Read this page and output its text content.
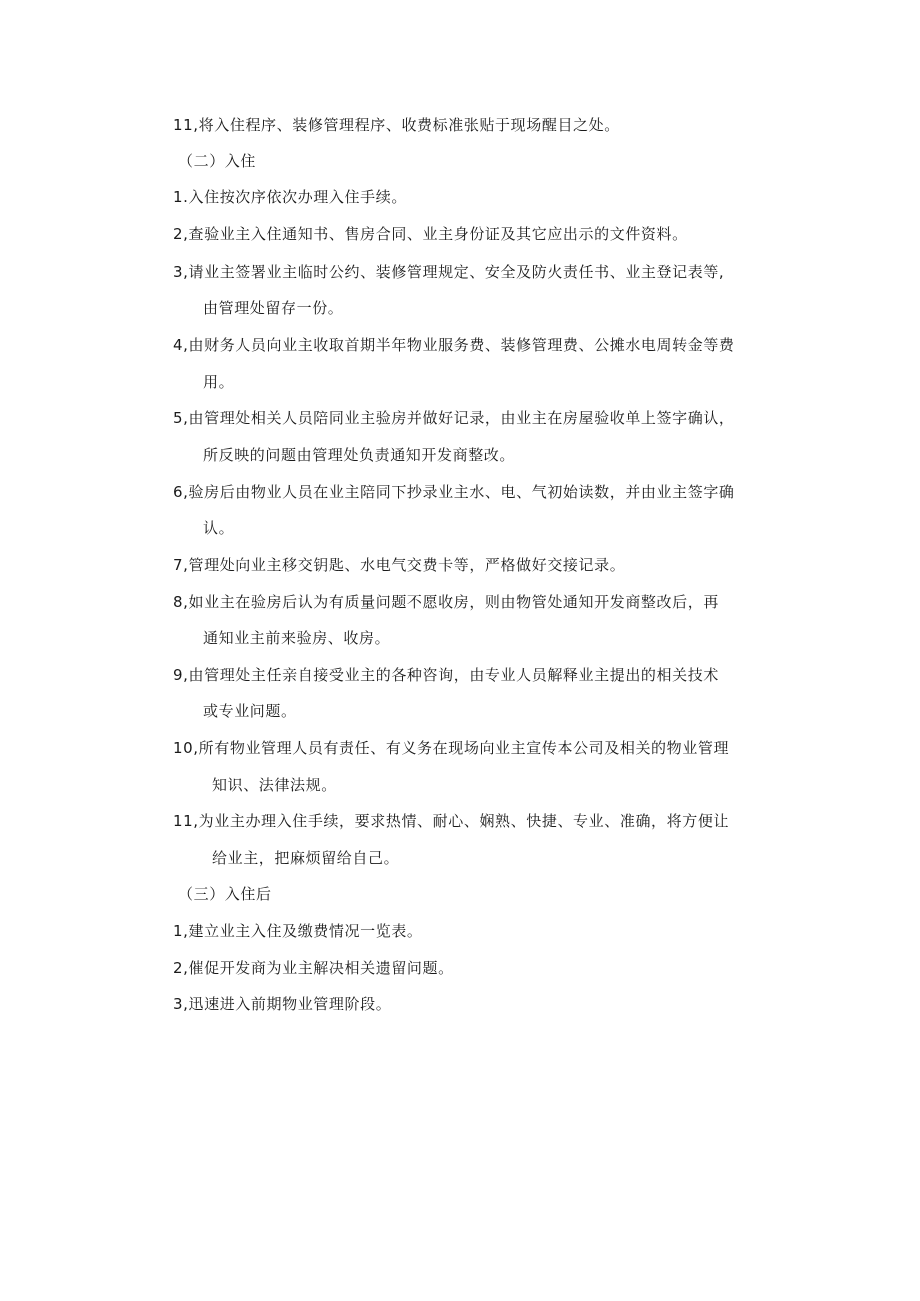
11,将入住程序、装修管理程序、收费标准张贴于现场醒目之处。
（二）入住
1.入住按次序依次办理入住手续。
2,查验业主入住通知书、售房合同、业主身份证及其它应出示的文件资料。
3,请业主签署业主临时公约、装修管理规定、安全及防火责任书、业主登记表等,
由管理处留存一份。
4,由财务人员向业主收取首期半年物业服务费、装修管理费、公摊水电周转金等费
用。
5,由管理处相关人员陪同业主验房并做好记录，由业主在房屋验收单上签字确认，
所反映的问题由管理处负责通知开发商整改。
6,验房后由物业人员在业主陪同下抄录业主水、电、气初始读数，并由业主签字确
认。
7,管理处向业主移交钥匙、水电气交费卡等，严格做好交接记录。
8,如业主在验房后认为有质量问题不愿收房，则由物管处通知开发商整改后，再
通知业主前来验房、收房。
9,由管理处主任亲自接受业主的各种咨询，由专业人员解释业主提出的相关技术
或专业问题。
10,所有物业管理人员有责任、有义务在现场向业主宣传本公司及相关的物业管理
知识、法律法规。
11,为业主办理入住手续，要求热情、耐心、娴熟、快捷、专业、准确，将方便让
给业主，把麻烦留给自己。
（三）入住后
1,建立业主入住及缴费情况一览表。
2,催促开发商为业主解决相关遗留问题。
3,迅速进入前期物业管理阶段。
